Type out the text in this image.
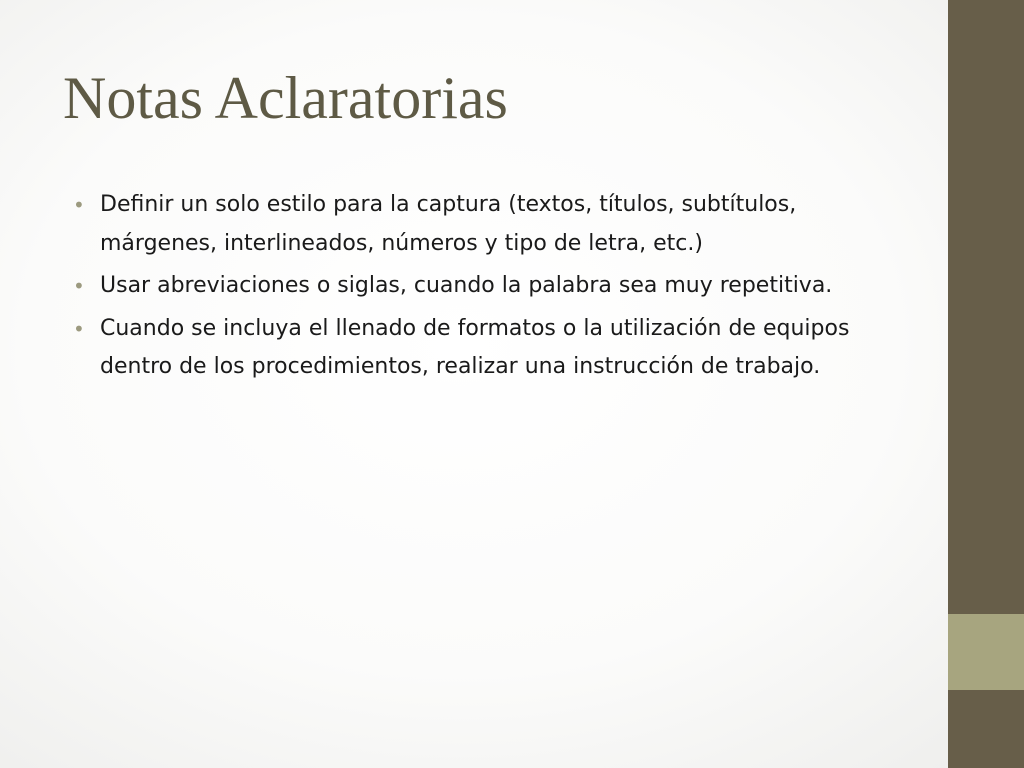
Notas Aclaratorias
• Definir un solo estilo para la captura (textos, títulos, subtítulos, márgenes, interlineados, números y tipo de letra, etc.)
• Usar abreviaciones o siglas, cuando la palabra sea muy repetitiva.
• Cuando se incluya el llenado de formatos o la utilización de equipos dentro de los procedimientos, realizar una instrucción de trabajo.
